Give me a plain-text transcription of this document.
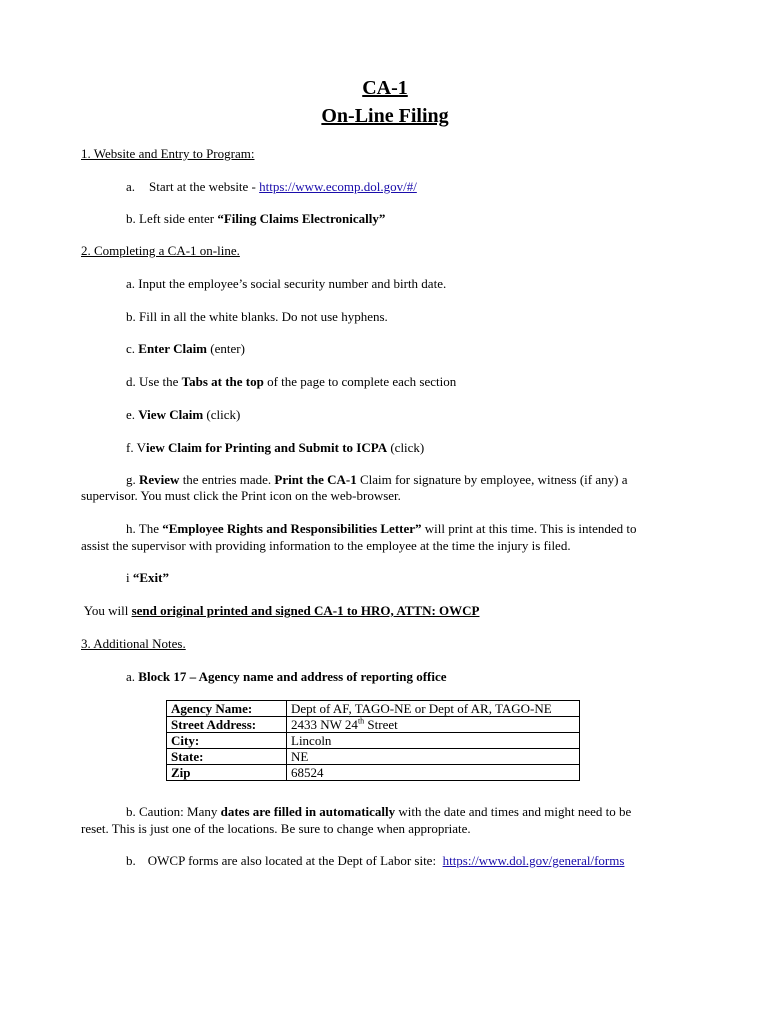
CA-1
On-Line Filing
1. Website and Entry to Program:
a. Start at the website - https://www.ecomp.dol.gov/#/
b. Left side enter “Filing Claims Electronically”
2. Completing a CA-1 on-line.
a. Input the employee’s social security number and birth date.
b. Fill in all the white blanks. Do not use hyphens.
c. Enter Claim (enter)
d. Use the Tabs at the top of the page to complete each section
e. View Claim (click)
f. View Claim for Printing and Submit to ICPA (click)
g. Review the entries made. Print the CA-1 Claim for signature by employee, witness (if any) a
supervisor. You must click the Print icon on the web-browser.
h. The “Employee Rights and Responsibilities Letter” will print at this time. This is intended to
assist the supervisor with providing information to the employee at the time the injury is filed.
i “Exit”
You will send original printed and signed CA-1 to HRO, ATTN: OWCP
3. Additional Notes.
a. Block 17 – Agency name and address of reporting office
Agency Name:	Dept of AF, TAGO-NE or Dept of AR, TAGO-NE
Street Address:	2433 NW 24th Street
City:	Lincoln
State:	NE
Zip	68524
b. Caution: Many dates are filled in automatically with the date and times and might need to be
reset. This is just one of the locations. Be sure to change when appropriate.
b. OWCP forms are also located at the Dept of Labor site:  https://www.dol.gov/general/forms
